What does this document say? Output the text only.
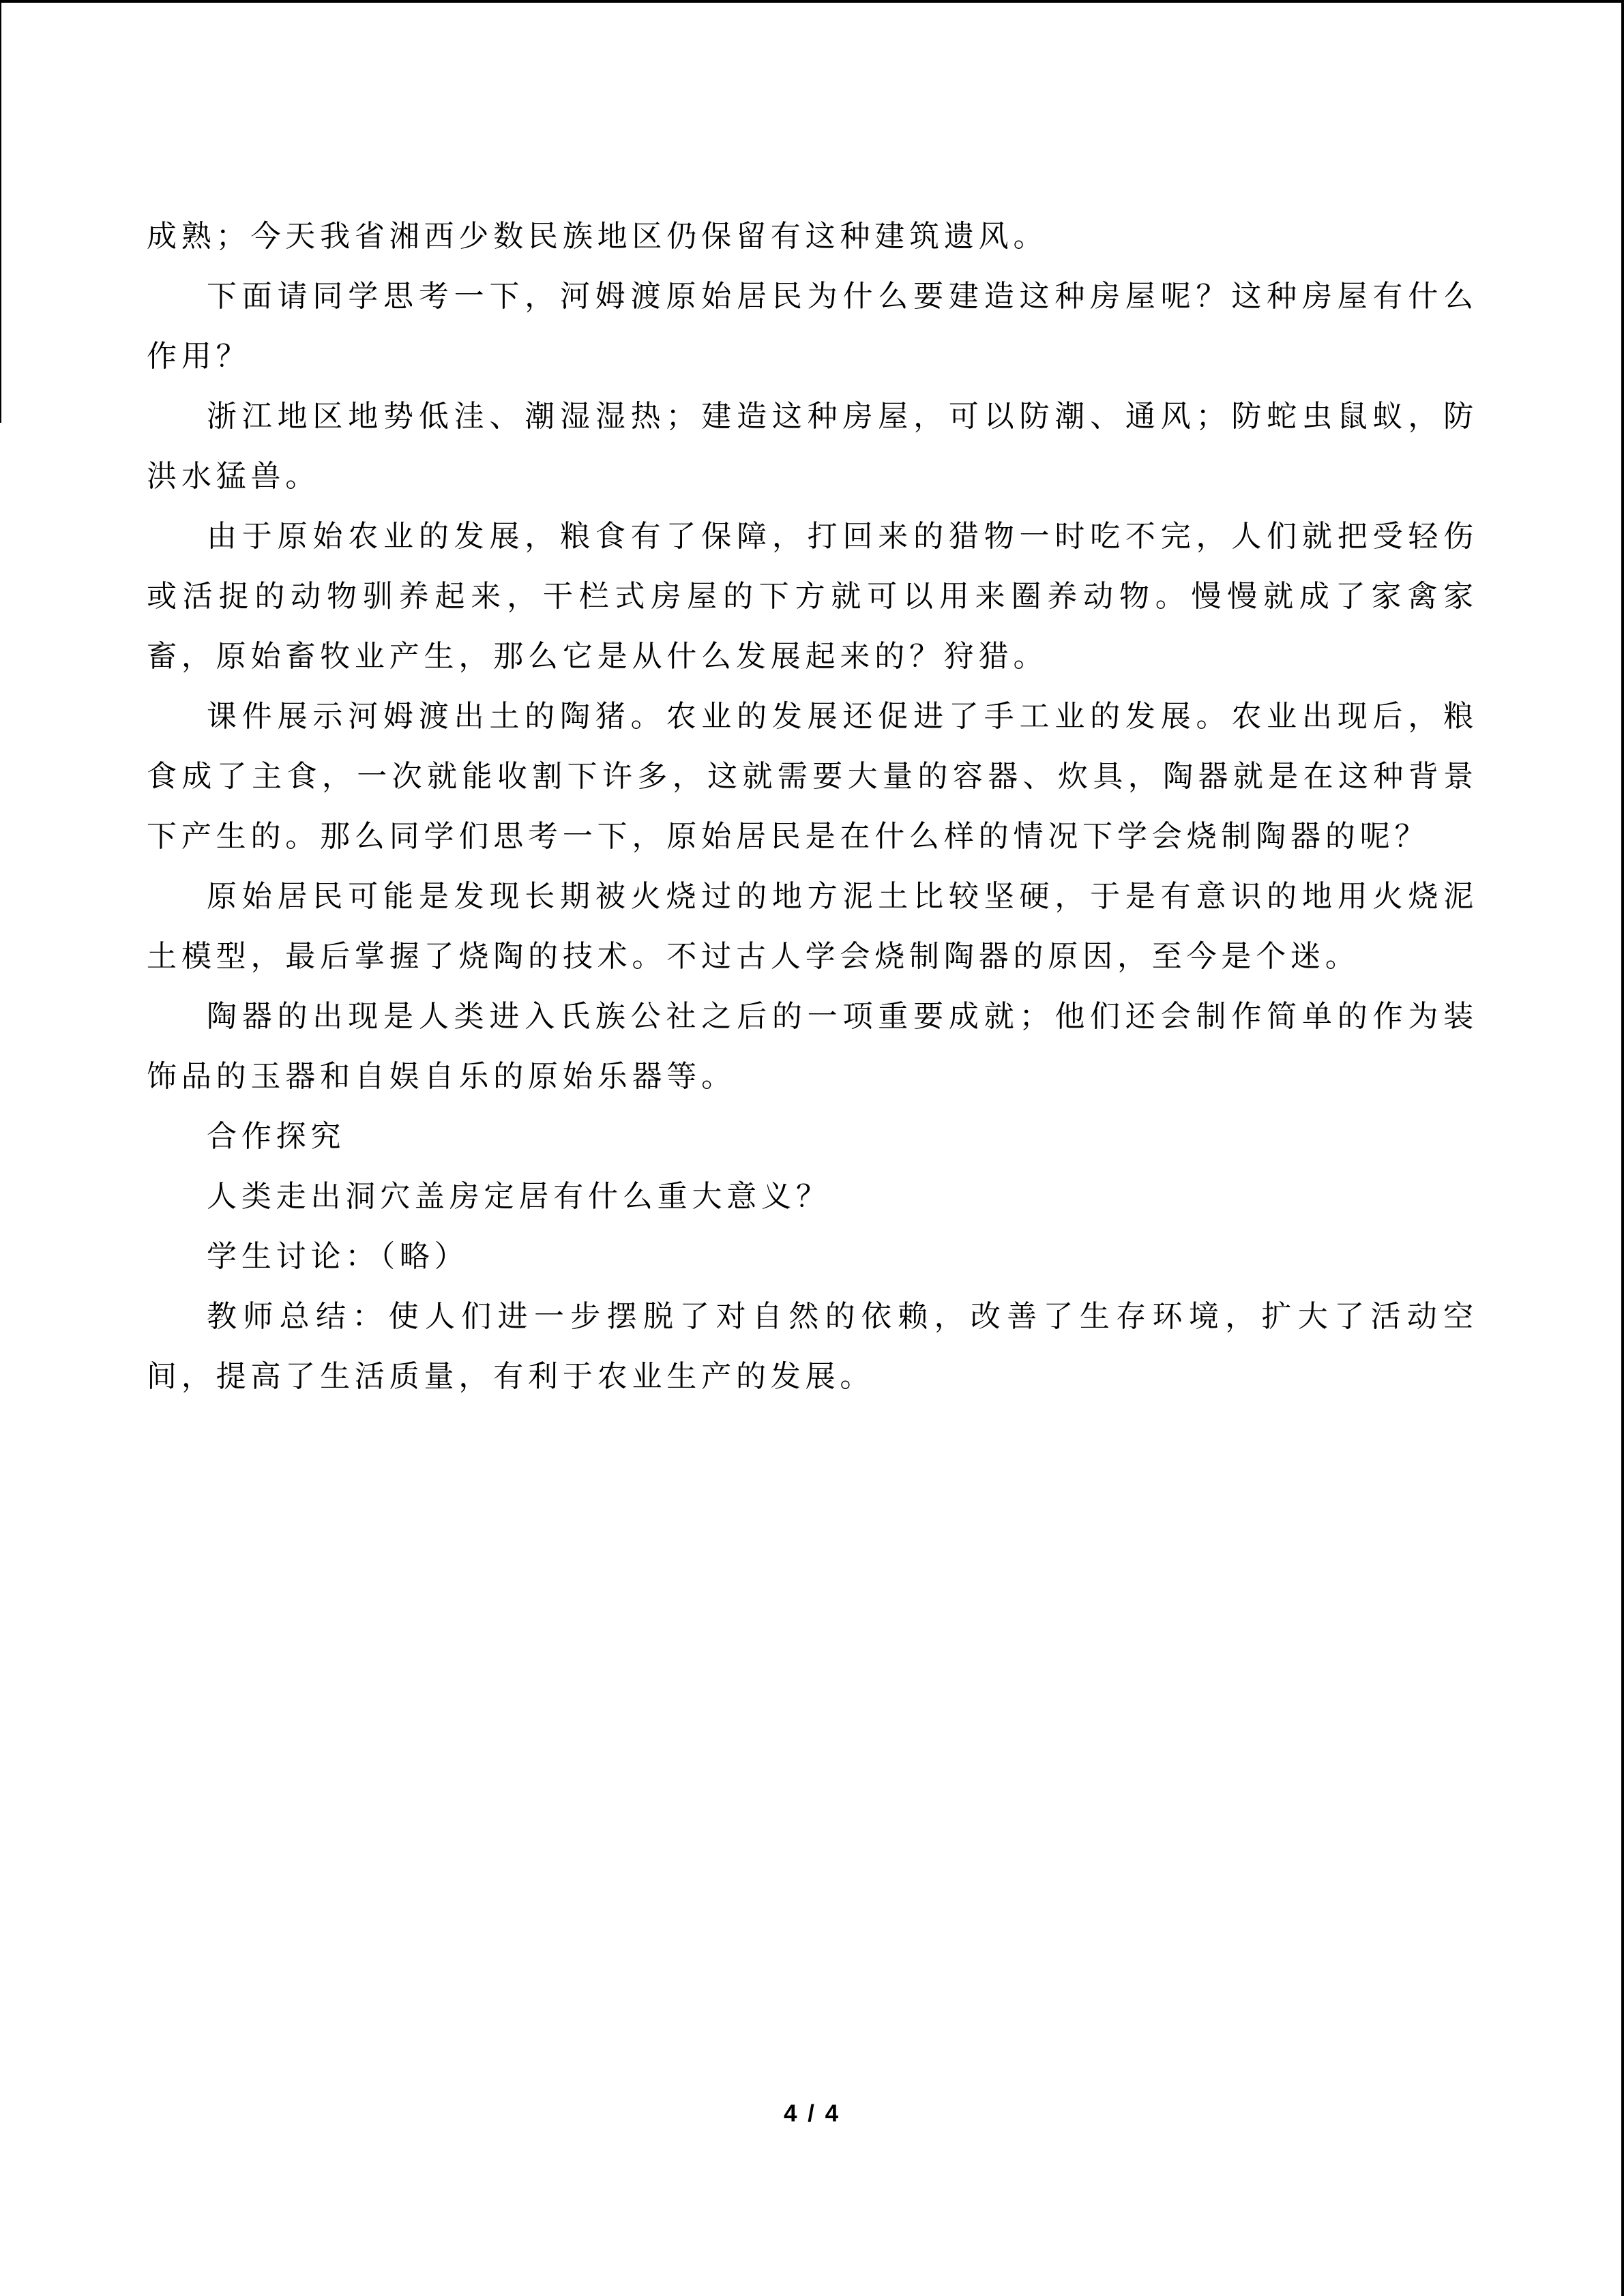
成熟；今天我省湘西少数民族地区仍保留有这种建筑遗风。

下面请同学思考一下，河姆渡原始居民为什么要建造这种房屋呢？这种房屋有什么作用？

浙江地区地势低洼、潮湿湿热；建造这种房屋，可以防潮、通风；防蛇虫鼠蚁，防洪水猛兽。

由于原始农业的发展，粮食有了保障，打回来的猎物一时吃不完，人们就把受轻伤或活捉的动物驯养起来，干栏式房屋的下方就可以用来圈养动物。慢慢就成了家禽家畜，原始畜牧业产生，那么它是从什么发展起来的？狩猎。

课件展示河姆渡出土的陶猪。农业的发展还促进了手工业的发展。农业出现后，粮食成了主食，一次就能收割下许多，这就需要大量的容器、炊具，陶器就是在这种背景下产生的。那么同学们思考一下，原始居民是在什么样的情况下学会烧制陶器的呢？

原始居民可能是发现长期被火烧过的地方泥土比较坚硬，于是有意识的地用火烧泥土模型，最后掌握了烧陶的技术。不过古人学会烧制陶器的原因，至今是个迷。

陶器的出现是人类进入氏族公社之后的一项重要成就；他们还会制作简单的作为装饰品的玉器和自娱自乐的原始乐器等。

合作探究

人类走出洞穴盖房定居有什么重大意义？

学生讨论：（略）

教师总结：使人们进一步摆脱了对自然的依赖，改善了生存环境，扩大了活动空间，提高了生活质量，有利于农业生产的发展。

4 / 4
